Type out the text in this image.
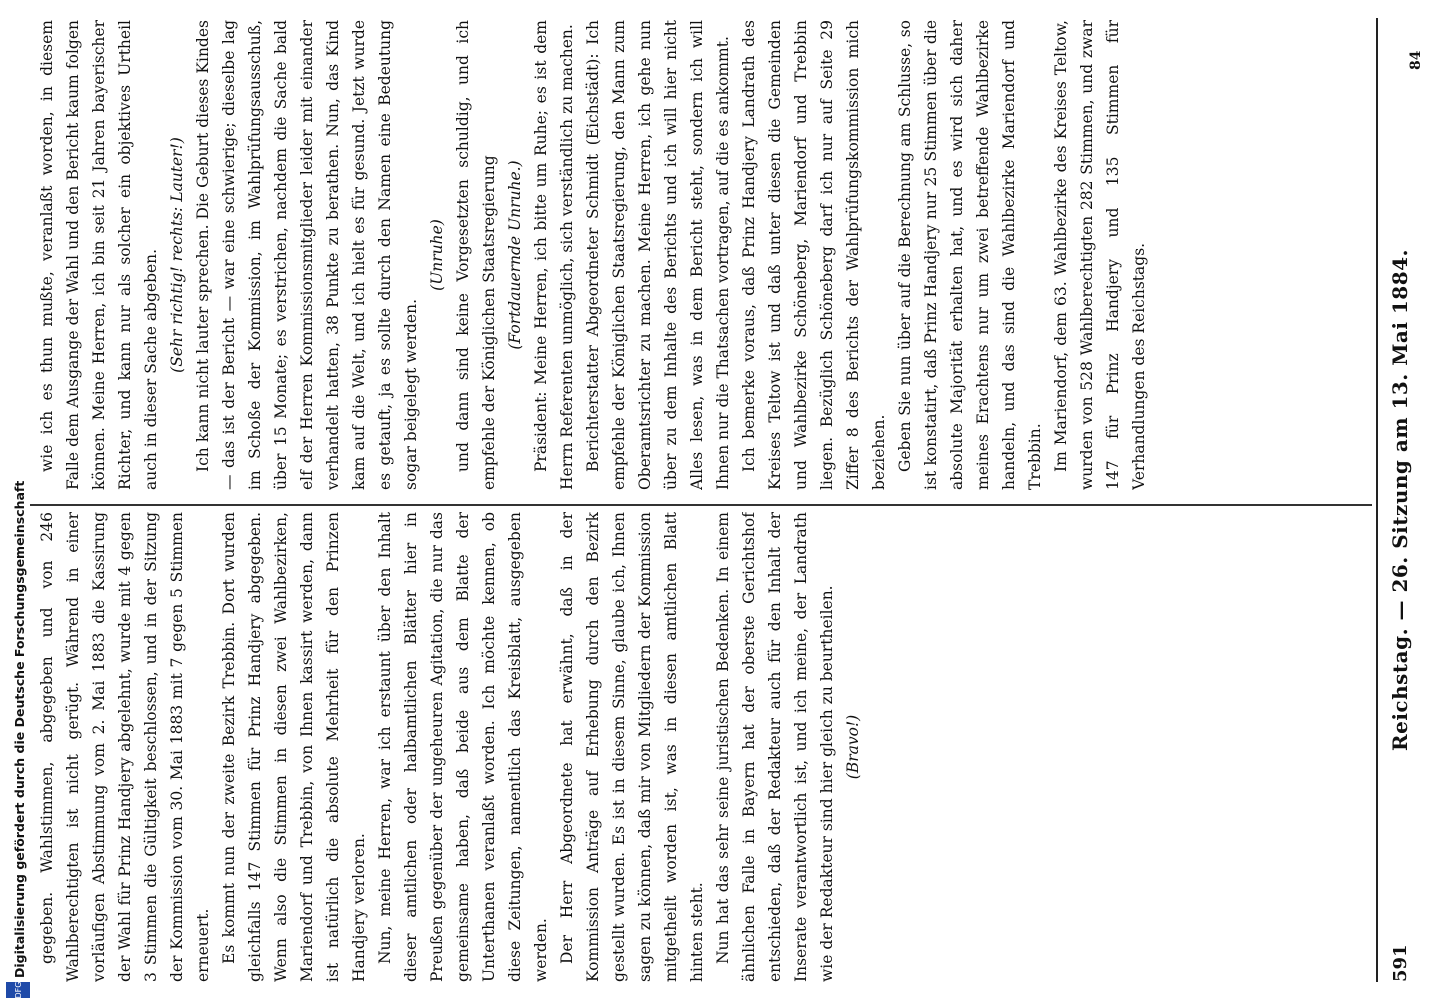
591
Reichstag. — 26. Sitzung am 13. Mai 1884.

gegeben. Wahlstimmen, abgegeben und von 246 Wahlberechtigten ist nicht gerügt. Während in einer vorläufigen Abstimmung vom 2. Mai 1883 die Kassirung der Wahl für Prinz Handjery abgelehnt, wurde mit 4 gegen 3 Stimmen die Gültigkeit beschlossen, und in der Sitzung der Kommission vom 30. Mai 1883 mit 7 gegen 5 Stimmen erneuert. Es kommt nun der zweite Bezirk Trebbin. Dort wurden gleichfalls 147 Stimmen für Prinz Handjery abgegeben. Wenn also die Stimmen in diesen zwei Wahlbezirken, Mariendorf und Trebbin, von Ihnen kassirt werden, dann ist natürlich die absolute Mehrheit für den Prinzen Handjery verloren. Nun, meine Herren, war ich erstaunt über den Inhalt dieser amtlichen oder halbamtlichen Blätter hier in Preußen gegenüber der ungeheuren Agitation, die nur das gemeinsame haben, daß beide aus dem Blatte der Unterthanen veranlaßt worden. Ich möchte kennen, ob diese Zeitungen, namentlich das Kreisblatt, ausgegeben werden. Der Herr Abgeordnete hat erwähnt, daß in der Kommission Anträge auf Erhebung durch den Bezirk gestellt wurden. Es ist in diesem Sinne, glaube ich, Ihnen sagen zu können, daß mir von Mitgliedern der Kommission mitgetheilt worden ist, was in diesen amtlichen Blatt hinten steht. Nun hat das sehr seine juristischen Bedenken. In einem ähnlichen Falle in Bayern hat der oberste Gerichtshof entschieden, daß der Redakteur auch für den Inhalt der Inserate verantwortlich ist, und ich meine, der Landrath wie der Redakteur sind hier gleich zu beurtheilen. (Bravo!)

wie ich es thun mußte, veranlaßt worden, in diesem Falle dem Ausgange der Wahl und den Bericht kaum folgen können. Meine Herren, ich bin seit 21 Jahren bayerischer Richter, und kann nur als solcher ein objektives Urtheil auch in dieser Sache abgeben. (Sehr richtig! rechts: Lauter!) Ich kann nicht lauter sprechen. Die Geburt dieses Kindes — das ist der Bericht — war eine schwierige; dieselbe lag im Schoße der Kommission, im Wahlprüfungsausschuß, über 15 Monate; es verstrichen, nachdem die Sache bald elf der Herren Kommissionsmitglieder leider mit einander verhandelt hatten, 38 Punkte zu berathen. Nun, das Kind kam auf die Welt, und ich hielt es für gesund. Jetzt wurde es getauft, ja es sollte durch den Namen eine Bedeutung sogar beigelegt werden.

(Unruhe) und dann sind keine Vorgesetzten schuldig, und ich empfehle der Königlichen Staatsregierung (Fortdauernde Unruhe.) Präsident: Meine Herren, ich bitte um Ruhe; es ist dem Herrn Referenten unmöglich, sich verständlich zu machen. Berichterstatter Abgeordneter Schmidt (Eichstädt): Ich empfehle der Königlichen Staatsregierung, den Mann zum Oberamtsrichter zu machen. Meine Herren, ich gehe nun über zu dem Inhalte des Berichts und ich will hier nicht Alles lesen, was in dem Bericht steht, sondern ich will Ihnen nur die Thatsachen vortragen, auf die es ankommt. Ich bemerke voraus, daß Prinz Handjery Landrath des Kreises Teltow ist und daß unter diesen die Gemeinden und Wahlbezirke Schöneberg, Mariendorf und Trebbin liegen. Bezüglich Schöneberg darf ich nur auf Seite 29 Ziffer 8 des Berichts der Wahlprüfungskommission mich beziehen. Geben Sie nun über auf die Berechnung am Schlusse, so ist konstatirt, daß Prinz Handjery nur 25 Stimmen über die absolute Majorität erhalten hat, und es wird sich daher meines Erachtens nur um zwei betreffende Wahlbezirke handeln, und das sind die Wahlbezirke Mariendorf und Trebbin. Im Mariendorf, dem 63. Wahlbezirke des Kreises Teltow, wurden von 528 Wahlberechtigten 282 Stimmen, und zwar 147 für Prinz Handjery und 135 Stimmen für Verhandlungen des Reichstags.

84
Digitalisierung gefördert durch die Deutsche Forschungsgemeinschaft
DFG
